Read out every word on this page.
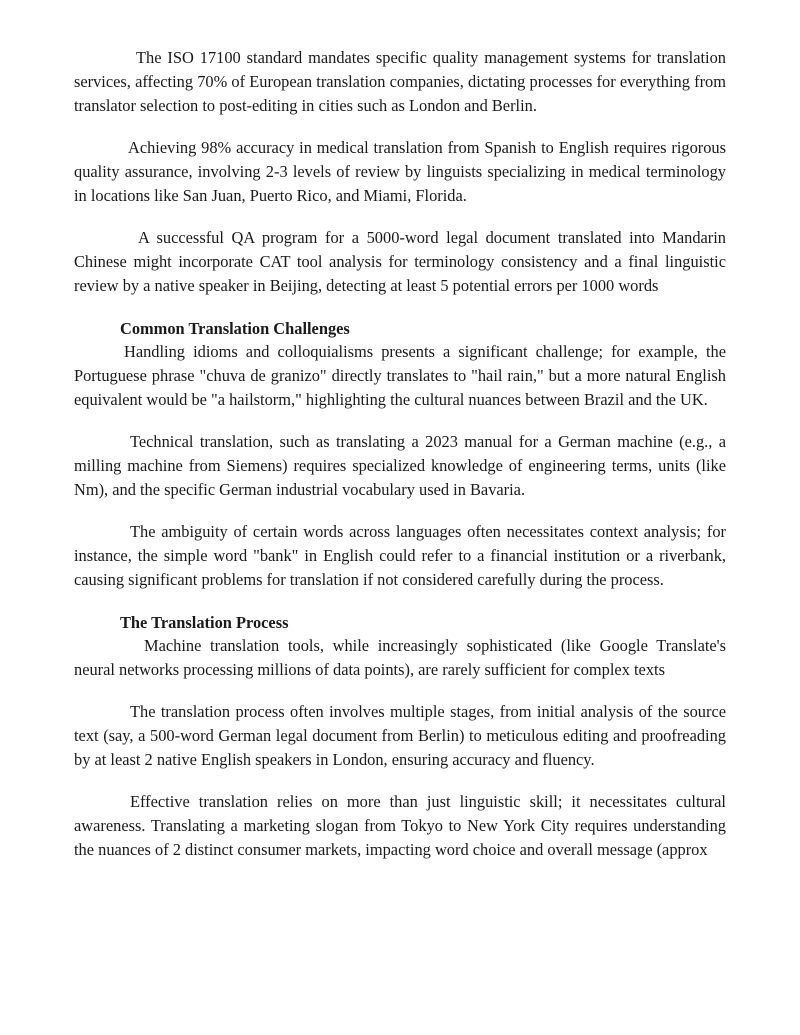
The ISO 17100 standard mandates specific quality management systems for translation services, affecting 70% of European translation companies, dictating processes for everything from translator selection to post-editing in cities such as London and Berlin.

Achieving 98% accuracy in medical translation from Spanish to English requires rigorous quality assurance, involving 2-3 levels of review by linguists specializing in medical terminology in locations like San Juan, Puerto Rico, and Miami, Florida.

A successful QA program for a 5000-word legal document translated into Mandarin Chinese might incorporate CAT tool analysis for terminology consistency and a final linguistic review by a native speaker in Beijing, detecting at least 5 potential errors per 1000 words

Common Translation Challenges

Handling idioms and colloquialisms presents a significant challenge; for example, the Portuguese phrase "chuva de granizo" directly translates to "hail rain," but a more natural English equivalent would be "a hailstorm," highlighting the cultural nuances between Brazil and the UK.

Technical translation, such as translating a 2023 manual for a German machine (e.g., a milling machine from Siemens) requires specialized knowledge of engineering terms, units (like Nm), and the specific German industrial vocabulary used in Bavaria.

The ambiguity of certain words across languages often necessitates context analysis; for instance, the simple word "bank" in English could refer to a financial institution or a riverbank, causing significant problems for translation if not considered carefully during the process.

The Translation Process

Machine translation tools, while increasingly sophisticated (like Google Translate's neural networks processing millions of data points), are rarely sufficient for complex texts

The translation process often involves multiple stages, from initial analysis of the source text (say, a 500-word German legal document from Berlin) to meticulous editing and proofreading by at least 2 native English speakers in London, ensuring accuracy and fluency.

Effective translation relies on more than just linguistic skill; it necessitates cultural awareness. Translating a marketing slogan from Tokyo to New York City requires understanding the nuances of 2 distinct consumer markets, impacting word choice and overall message (approx
